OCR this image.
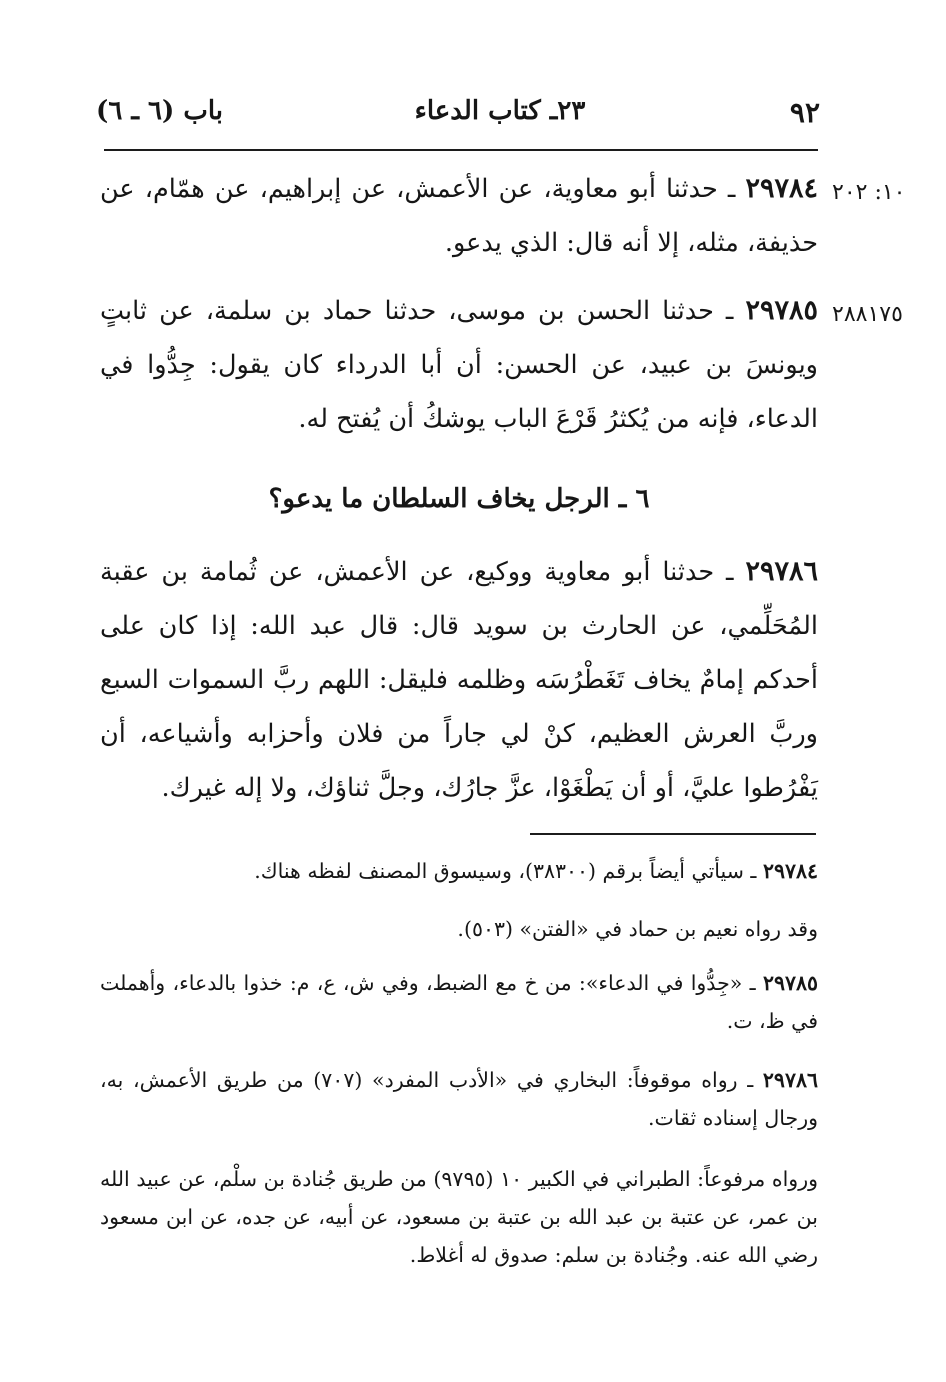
٩٢
٢٣ـ كتاب الدعاء
باب (٦ ـ ٦)
١٠: ٢٠٢
٢٨٨١٧٥

٢٩٧٨٤ ـ حدثنا أبو معاوية، عن الأعمش، عن إبراهيم، عن همّام، عن حذيفة، مثله، إلا أنه قال: الذي يدعو.

٢٩٧٨٥ ـ حدثنا الحسن بن موسى، حدثنا حماد بن سلمة، عن ثابتٍ ويونسَ بن عبيد، عن الحسن: أن أبا الدرداء كان يقول: جِدُّوا في الدعاء، فإنه من يُكثرُ قَرْعَ الباب يوشكُ أن يُفتح له.

٦ ـ الرجل يخاف السلطان ما يدعو؟

٢٩٧٨٦ ـ حدثنا أبو معاوية ووكيع، عن الأعمش، عن ثُمامة بن عقبة المُحَلِّمي، عن الحارث بن سويد قال: قال عبد الله: إذا كان على أحدكم إمامٌ يخاف تَغَطْرُسَه وظلمه فليقل: اللهم ربَّ السموات السبع وربَّ العرش العظيم، كنْ لي جاراً من فلان وأحزابه وأشياعه، أن يَفْرُطوا عليَّ، أو أن يَطْغَوْا، عزَّ جارُك، وجلَّ ثناؤك، ولا إله غيرك.

٢٩٧٨٤ ـ سيأتي أيضاً برقم (٣٨٣٠٠)، وسيسوق المصنف لفظه هناك.

وقد رواه نعيم بن حماد في «الفتن» (٥٠٣).

٢٩٧٨٥ ـ «جِدُّوا في الدعاء»: من خ مع الضبط، وفي ش، ع، م: خذوا بالدعاء، وأهملت في ظ، ت.

٢٩٧٨٦ ـ رواه موقوفاً: البخاري في «الأدب المفرد» (٧٠٧) من طريق الأعمش، به، ورجال إسناده ثقات.

ورواه مرفوعاً: الطبراني في الكبير ١٠ (٩٧٩٥) من طريق جُنادة بن سلْم، عن عبيد الله بن عمر، عن عتبة بن عبد الله بن عتبة بن مسعود، عن أبيه، عن جده، عن ابن مسعود رضي الله عنه. وجُنادة بن سلم: صدوق له أغلاط.
